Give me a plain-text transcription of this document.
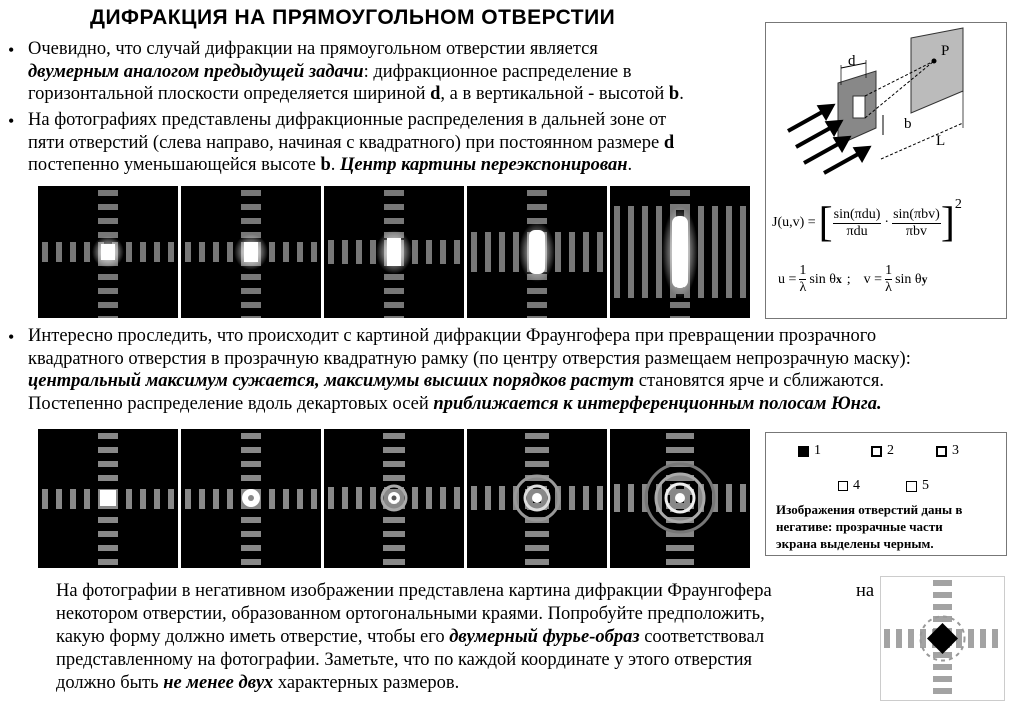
ДИФРАКЦИЯ НА ПРЯМОУГОЛЬНОМ ОТВЕРСТИИ
• Очевидно, что случай дифракции на прямоугольном отверстии является
двумерным аналогом предыдущей задачи: дифракционное распределение в
горизонтальной плоскости определяется шириной d, а в вертикальной - высотой b.
• На фотографиях представлены дифракционные распределения в дальней зоне от
пяти отверстий (слева направо, начиная с квадратного) при постоянном размере d
постепенно уменьшающейся высоте b. Центр картины переэкспонирован.
• Интересно проследить, что происходит с картиной дифракции Фраунгофера при превращении прозрачного
квадратного отверстия в прозрачную квадратную рамку (по центру отверстия размещаем непрозрачную маску):
центральный максимум сужается, максимумы высших порядков растут становятся ярче и сближаются.
Постепенно распределение вдоль декартовых осей приближается к интерференционным полосам Юнга.
На фотографии в негативном изображении представлена картина дифракции Фраунгофера	на
некотором отверстии, образованном ортогональными краями. Попробуйте предположить,
какую форму должно иметь отверстие, чтобы его двумерный фурье-образ соответствовал
представленному на фотографии. Заметьте, что по каждой координате у этого отверстия
должно быть не менее двух характерных размеров.
d
b
L
P
J(u,v) = [ sin(πdu)
πdu
·
sin(πbv)
πbv ] 2
$u = \frac{1}{\lambda}$ sin θ x ; $v = \frac{1}{\lambda}$ sin θ y
1	2	3
4	5
Изображения отверстий даны в
негативе: прозрачные части
экрана выделены черным.
